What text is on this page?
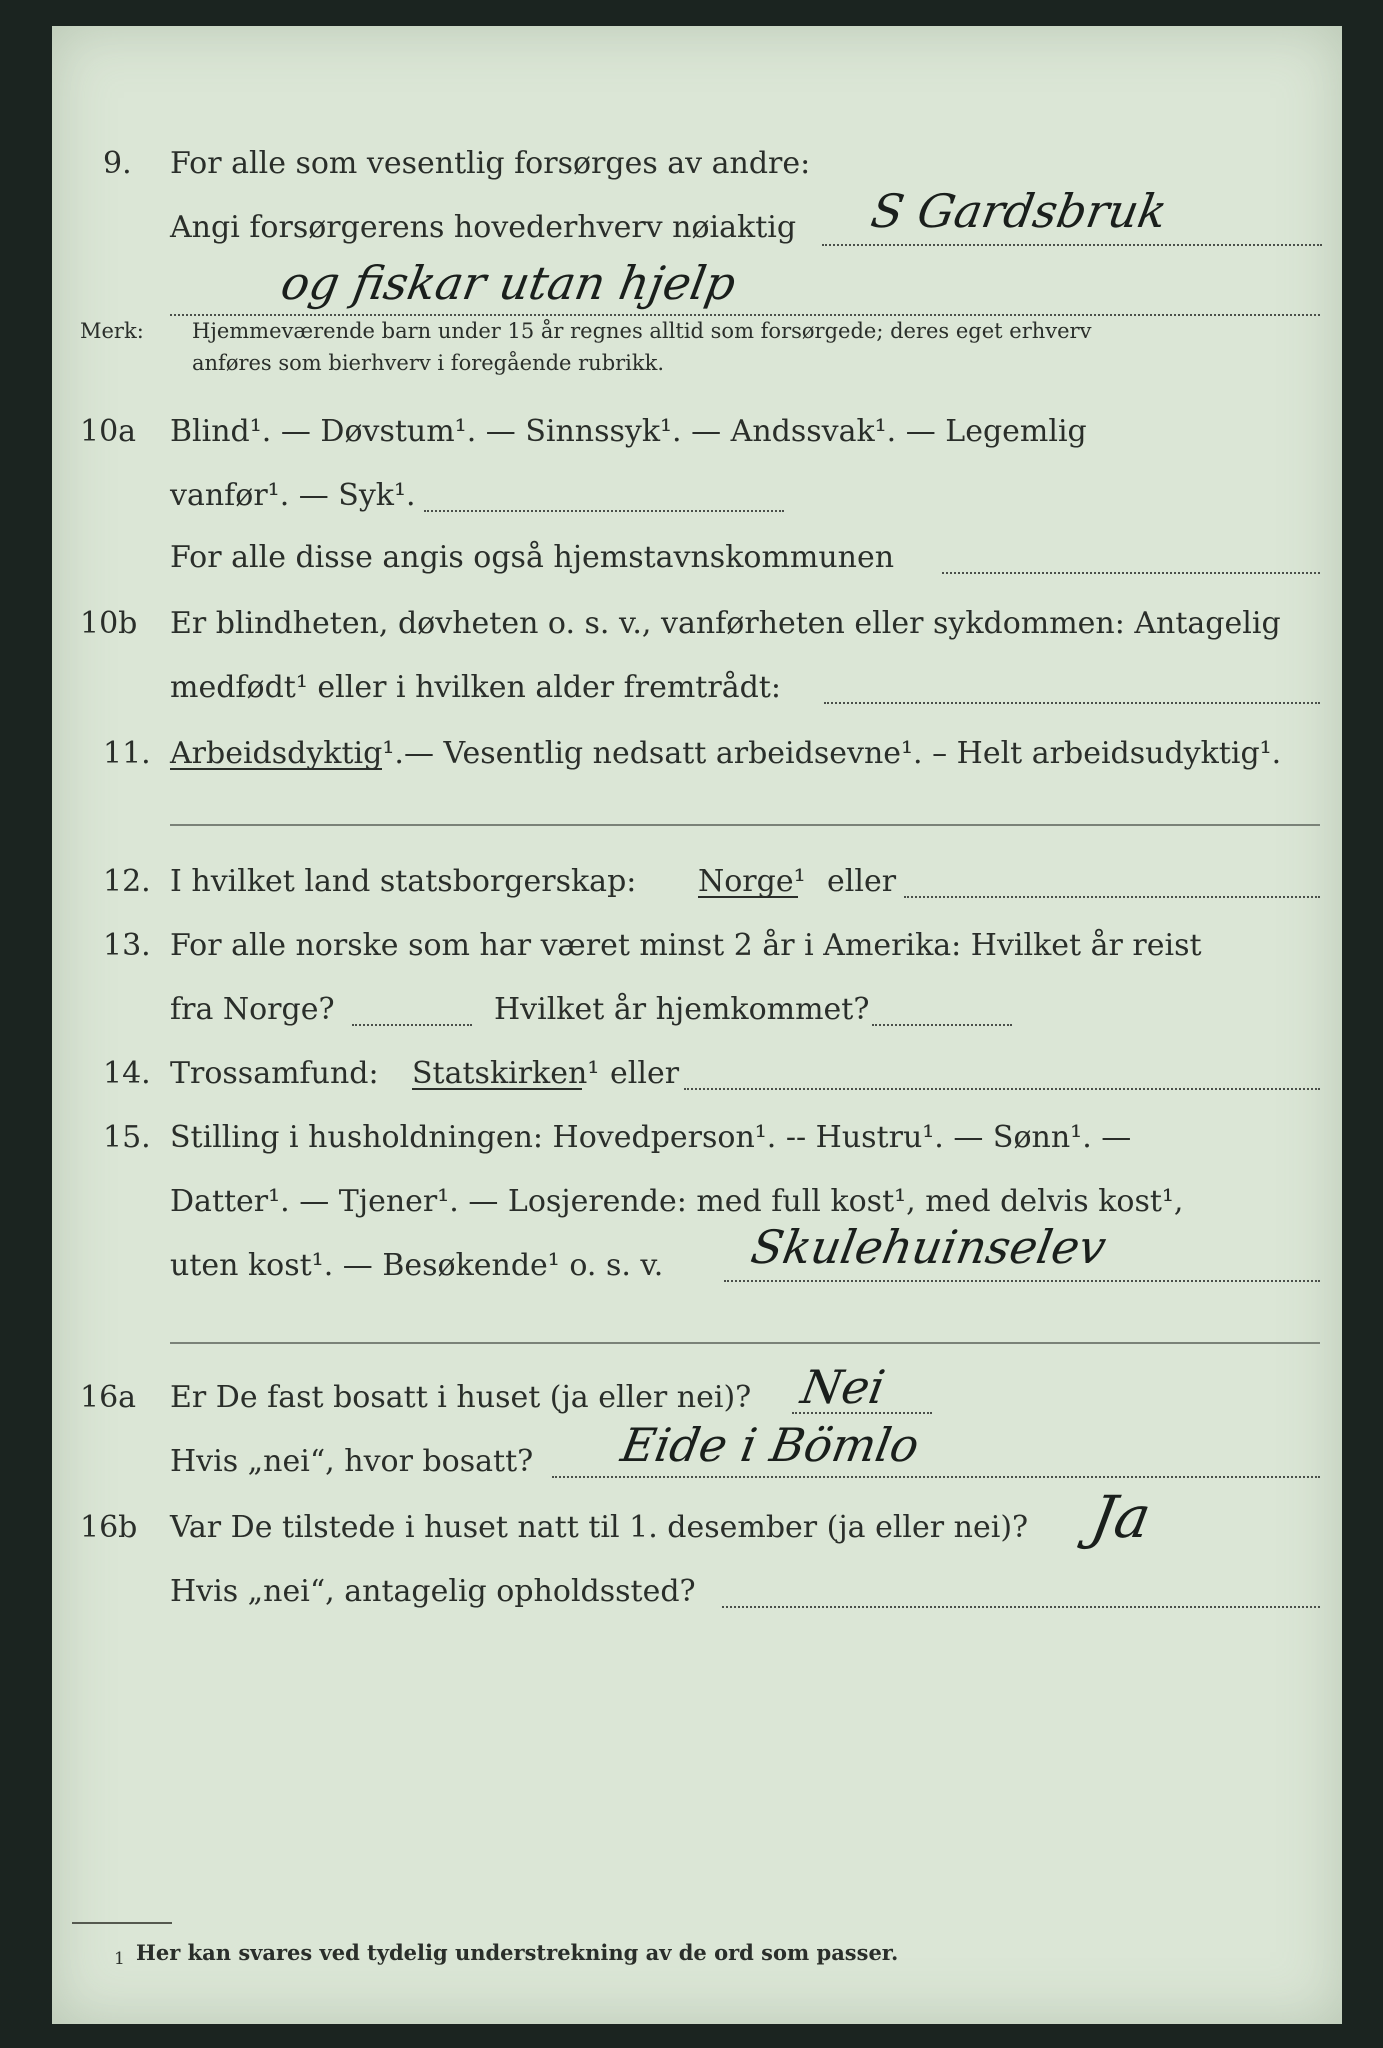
9. For alle som vesentlig forsørges av andre:
Angi forsørgerens hovederhverv nøiaktig S Gardsbruk
og fiskar utan hjelp
Merk: Hjemmeværende barn under 15 år regnes alltid som forsørgede; deres eget erhverv
anføres som bierhverv i foregående rubrikk.
10a Blind¹. — Døvstum¹. — Sinnssyk¹. — Andssvak¹. — Legemlig
vanfør¹. — Syk¹.
For alle disse angis også hjemstavnskommunen
10b Er blindheten, døvheten o. s. v., vanførheten eller sykdommen: Antagelig
medfødt¹ eller i hvilken alder fremtrådt:
11. Arbeidsdyktig¹. — Vesentlig nedsatt arbeidsevne¹. – Helt arbeidsudyktig¹.
12. I hvilket land statsborgerskap: Norge¹ eller
13. For alle norske som har været minst 2 år i Amerika: Hvilket år reist
fra Norge?	Hvilket år hjemkommet?
14. Trossamfund: Statskirken¹ eller
15. Stilling i husholdningen: Hovedperson¹. -- Hustru¹. — Sønn¹. —
Datter¹. — Tjener¹. — Losjerende: med full kost¹, med delvis kost¹,
uten kost¹. — Besøkende¹ o. s. v. Skulehuinselev
16a Er De fast bosatt i huset (ja eller nei)? Nei
Hvis „nei“, hvor bosatt? Eide i Bömlo
16b Var De tilstede i huset natt til 1. desember (ja eller nei)? Ja
Hvis „nei“, antagelig opholdssted?
1 Her kan svares ved tydelig understrekning av de ord som passer.
